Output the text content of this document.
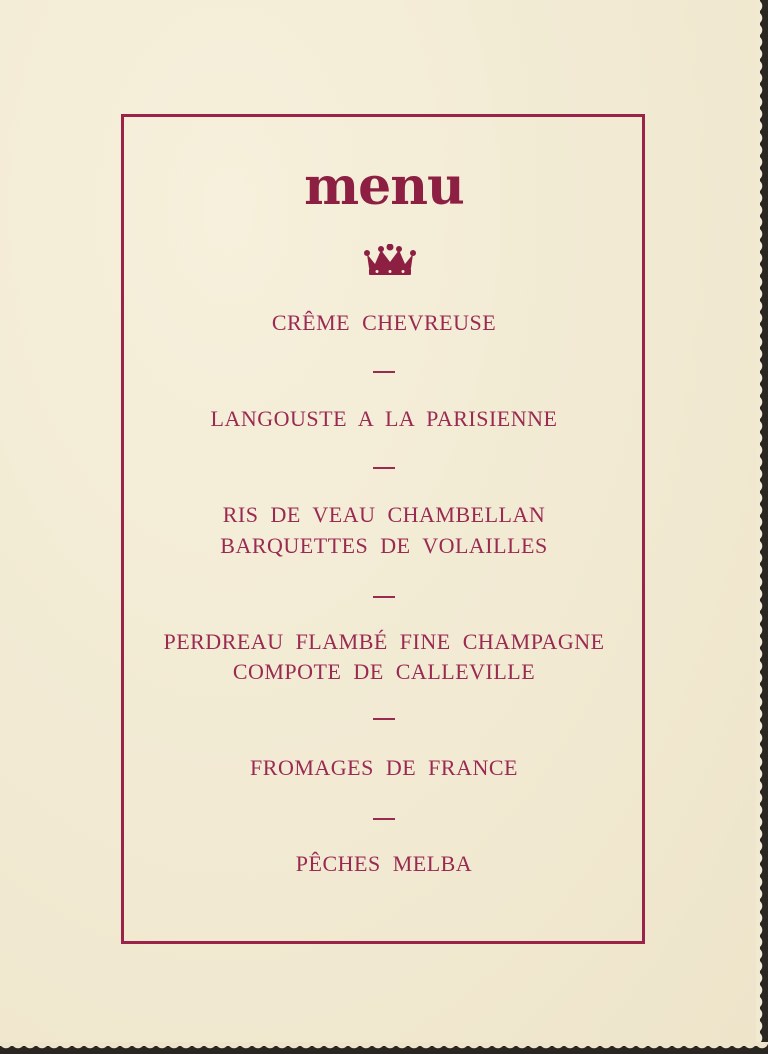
menu
CRÊME CHEVREUSE
LANGOUSTE A LA PARISIENNE
RIS DE VEAU CHAMBELLAN
BARQUETTES DE VOLAILLES
PERDREAU FLAMBÉ FINE CHAMPAGNE
COMPOTE DE CALLEVILLE
FROMAGES DE FRANCE
PÊCHES MELBA
